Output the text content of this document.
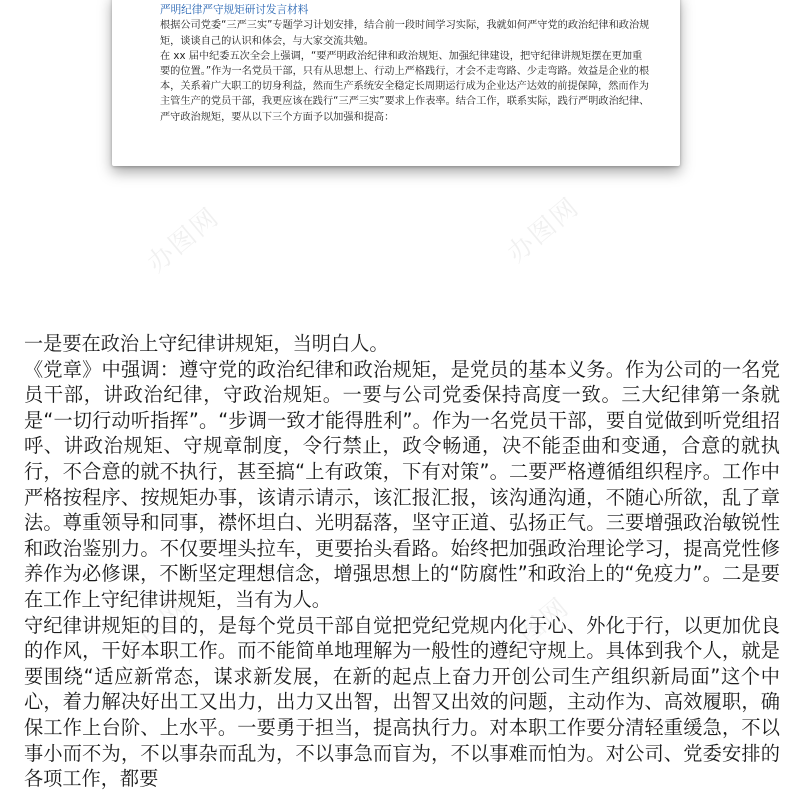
严明纪律严守规矩研讨发言材料

根据公司党委“三严三实”专题学习计划安排，结合前一段时间学习实际，我就如何严守党的政治纪律和政治规矩，谈谈自己的认识和体会，与大家交流共勉。

在 xx 届中纪委五次全会上强调，“要严明政治纪律和政治规矩、加强纪律建设，把守纪律讲规矩摆在更加重要的位置。”作为一名党员干部，只有从思想上、行动上严格践行，才会不走弯路、少走弯路。效益是企业的根本，关系着广大职工的切身利益，然而生产系统安全稳定长周期运行成为企业达产达效的前提保障，然而作为主管生产的党员干部，我更应该在践行“三严三实”要求上作表率。结合工作，联系实际，践行严明政治纪律、严守政治规矩，要从以下三个方面予以加强和提高：

办图网	办图网
办图网	办图网

一是要在政治上守纪律讲规矩，当明白人。

《党章》中强调：遵守党的政治纪律和政治规矩，是党员的基本义务。作为公司的一名党员干部，讲政治纪律，守政治规矩。一要与公司党委保持高度一致。三大纪律第一条就是“一切行动听指挥”。“步调一致才能得胜利”。作为一名党员干部，要自觉做到听党组招呼、讲政治规矩、守规章制度，令行禁止，政令畅通，决不能歪曲和变通，合意的就执行，不合意的就不执行，甚至搞“上有政策，下有对策”。二要严格遵循组织程序。工作中严格按程序、按规矩办事，该请示请示，该汇报汇报，该沟通沟通，不随心所欲，乱了章法。尊重领导和同事，襟怀坦白、光明磊落，坚守正道、弘扬正气。三要增强政治敏锐性和政治鉴别力。不仅要埋头拉车，更要抬头看路。始终把加强政治理论学习，提高党性修养作为必修课，不断坚定理想信念，增强思想上的“防腐性”和政治上的“免疫力”。二是要在工作上守纪律讲规矩，当有为人。

守纪律讲规矩的目的，是每个党员干部自觉把党纪党规内化于心、外化于行，以更加优良的作风，干好本职工作。而不能简单地理解为一般性的遵纪守规上。具体到我个人，就是要围绕“适应新常态，谋求新发展，在新的起点上奋力开创公司生产组织新局面”这个中心，着力解决好出工又出力，出力又出智，出智又出效的问题，主动作为、高效履职，确保工作上台阶、上水平。一要勇于担当，提高执行力。对本职工作要分清轻重缓急，不以事小而不为，不以事杂而乱为，不以事急而盲为，不以事难而怕为。对公司、党委安排的各项工作，都要
